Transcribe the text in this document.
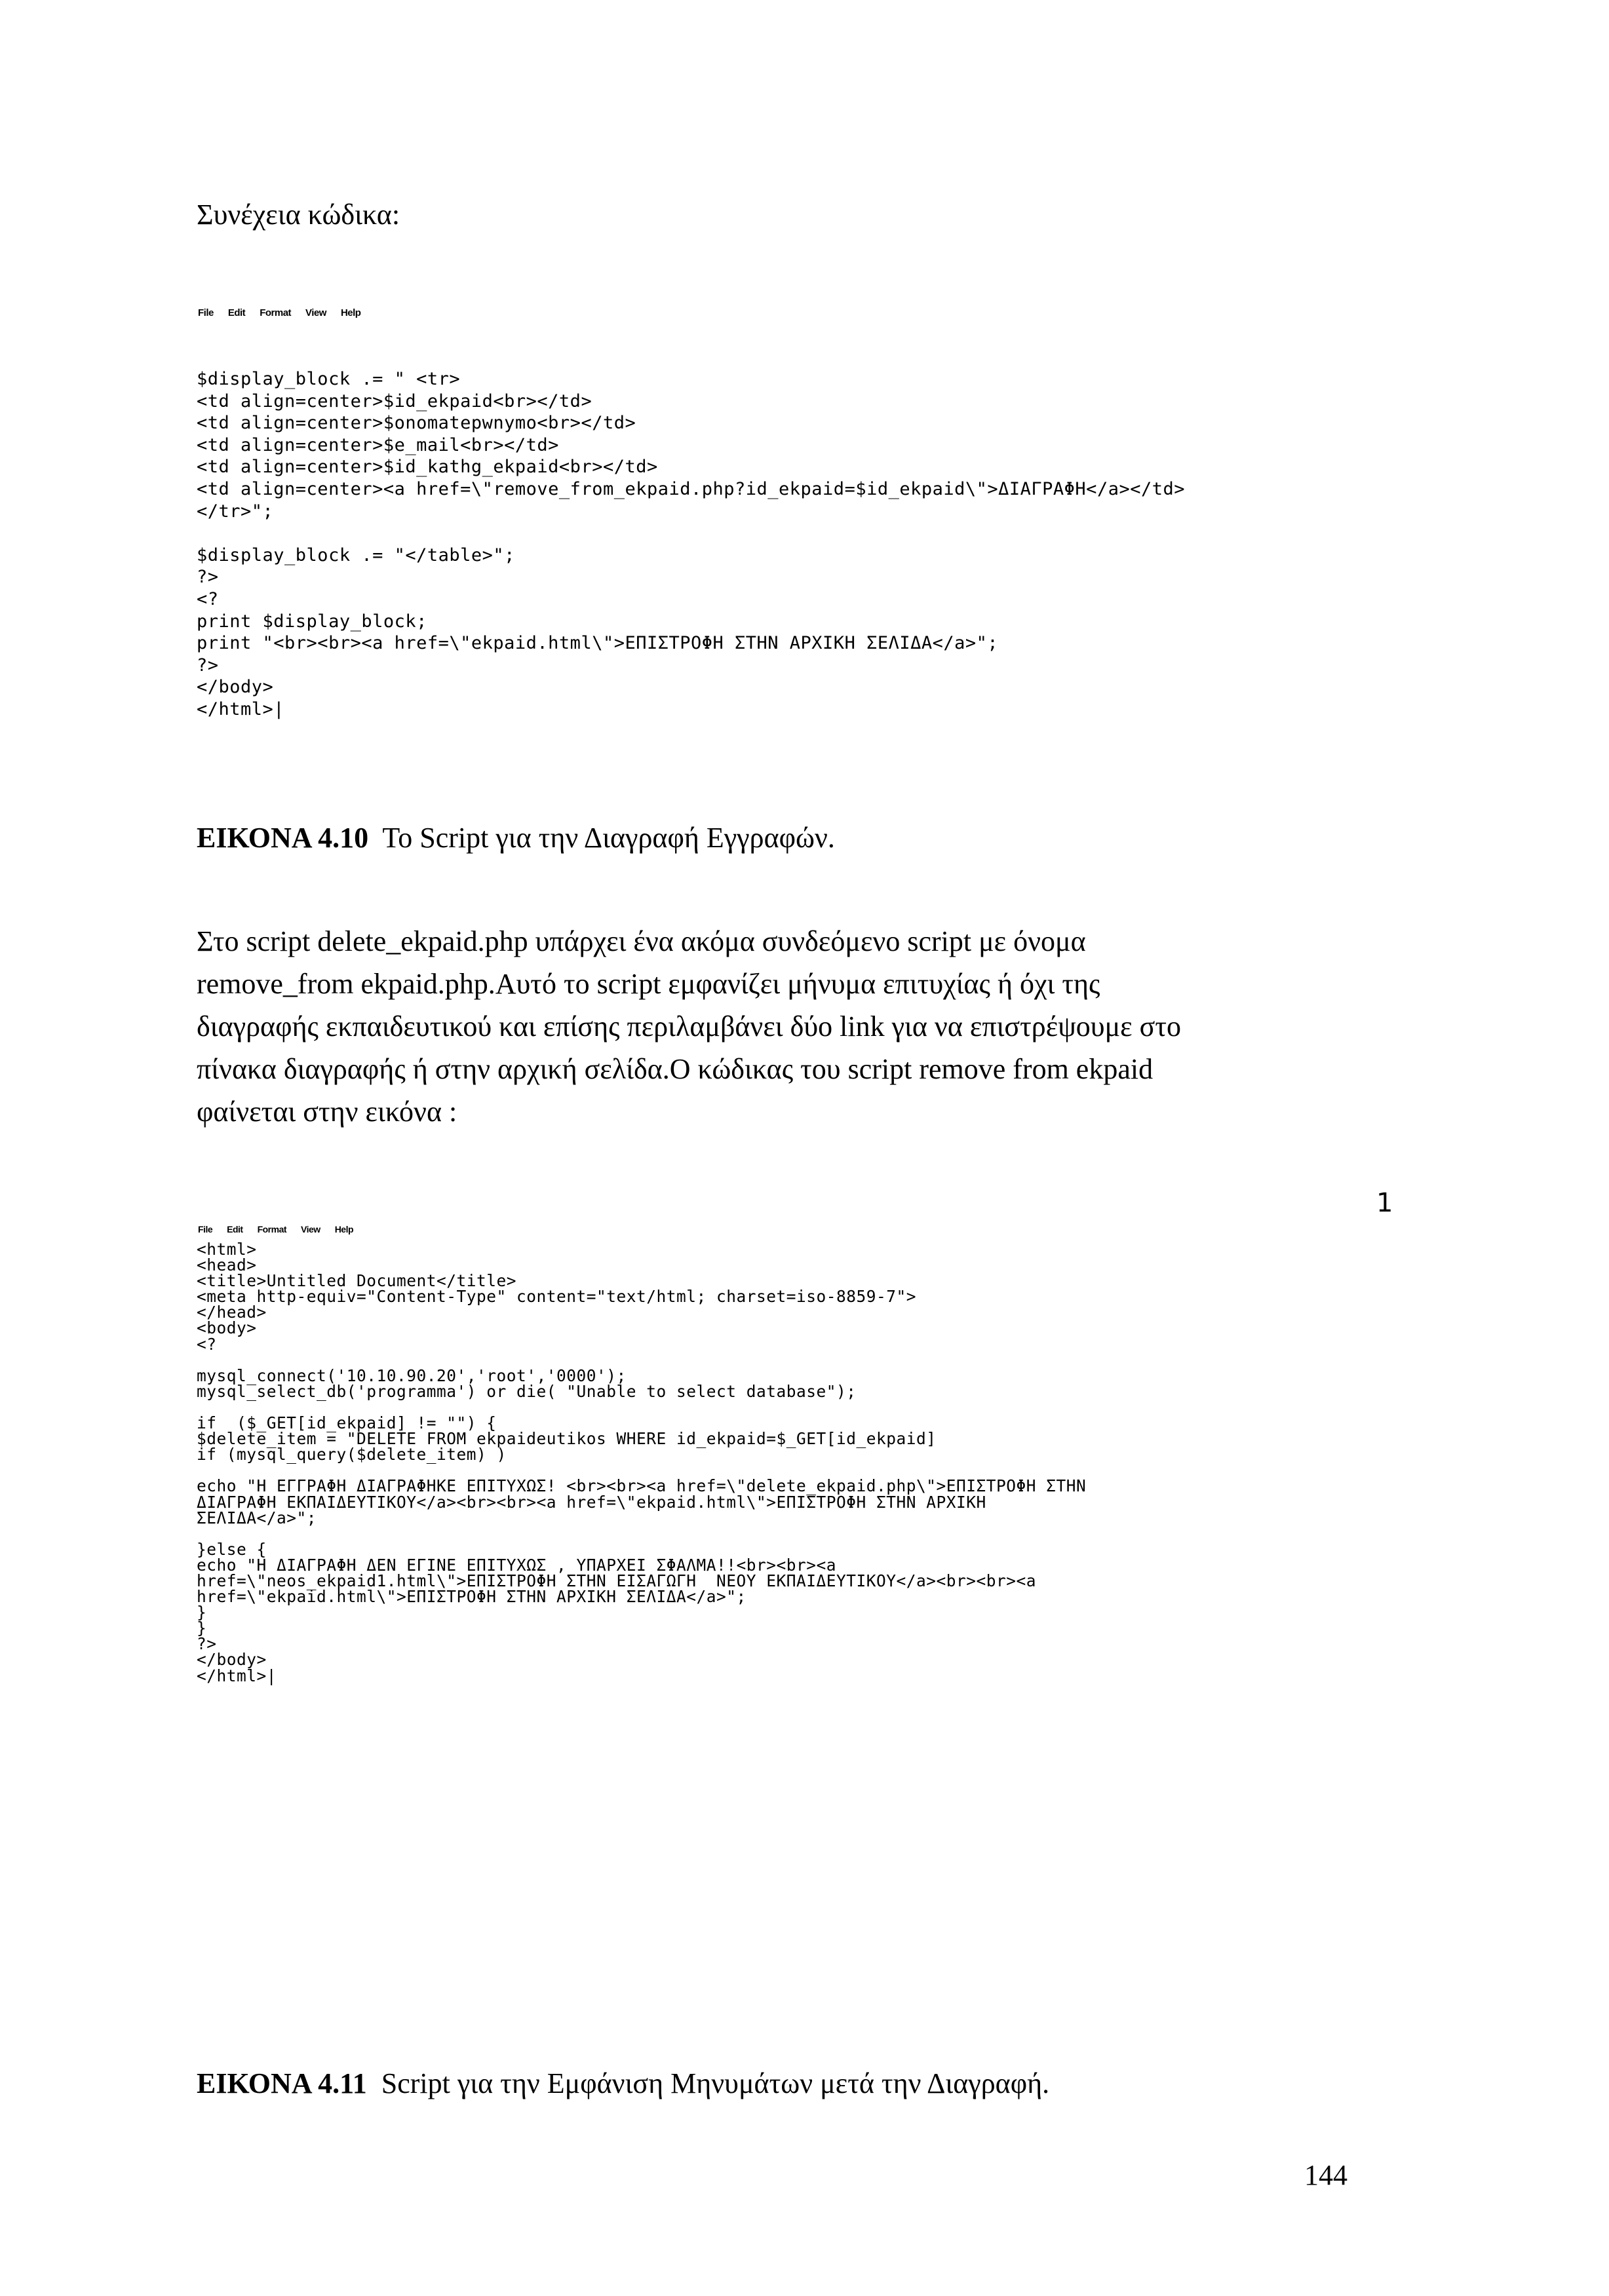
Συνέχεια κώδικα:
File Edit Format View Help
$display_block .= " <tr>
<td align=center>$id_ekpaid<br></td>
<td align=center>$onomatepwnymo<br></td>
<td align=center>$e_mail<br></td>
<td align=center>$id_kathg_ekpaid<br></td>
<td align=center><a href=\"remove_from_ekpaid.php?id_ekpaid=$id_ekpaid\">ΔΙΑΓΡΑΦΗ</a></td>
</tr>";

$display_block .= "</table>";
?>
<?
print $display_block;
print "<br><br><a href=\"ekpaid.html\">ΕΠΙΣΤΡΟΦΗ ΣΤΗΝ ΑΡΧΙΚΗ ΣΕΛΙΔΑ</a>";
?>
</body>
</html>|
ΕΙΚΟΝΑ 4.10 Το Script για την Διαγραφή Εγγραφών.
Στο script delete_ekpaid.php υπάρχει ένα ακόμα συνδεόμενο script με όνομα
remove_from ekpaid.php.Αυτό το script εμφανίζει μήνυμα επιτυχίας ή όχι της
διαγραφής εκπαιδευτικού και επίσης περιλαμβάνει δύο link για να επιστρέψουμε στο
πίνακα διαγραφής ή στην αρχική σελίδα.Ο κώδικας του script remove from ekpaid
φαίνεται στην εικόνα :
File Edit Format View Help
1
<html>
<head>
<title>Untitled Document</title>
<meta http-equiv="Content-Type" content="text/html; charset=iso-8859-7">
</head>
<body>
<?

mysql_connect('10.10.90.20','root','0000');
mysql_select_db('programma') or die( "Unable to select database");

if  ($_GET[id_ekpaid] != "") {
$delete_item = "DELETE FROM ekpaideutikos WHERE id_ekpaid=$_GET[id_ekpaid]
if (mysql_query($delete_item) )

echo "Η ΕΓΓΡΑΦΗ ΔΙΑΓΡΑΦΗΚΕ ΕΠΙΤΥΧΩΣ! <br><br><a href=\"delete_ekpaid.php\">ΕΠΙΣΤΡΟΦΗ ΣΤΗΝ
ΔΙΑΓΡΑΦΗ ΕΚΠΑΙΔΕΥΤΙΚΟΥ</a><br><br><a href=\"ekpaid.html\">ΕΠΙΣΤΡΟΦΗ ΣΤΗΝ ΑΡΧΙΚΗ
ΣΕΛΙΔΑ</a>";

}else {
echo "Η ΔΙΑΓΡΑΦΗ ΔΕΝ ΕΓΙΝΕ ΕΠΙΤΥΧΩΣ , ΥΠΑΡΧΕΙ ΣΦΑΛΜΑ!!<br><br><a
href=\"neos_ekpaid1.html\">ΕΠΙΣΤΡΟΦΗ ΣΤΗΝ ΕΙΣΑΓΩΓΗ  ΝΕΟΥ ΕΚΠΑΙΔΕΥΤΙΚΟΥ</a><br><br><a
href=\"ekpaid.html\">ΕΠΙΣΤΡΟΦΗ ΣΤΗΝ ΑΡΧΙΚΗ ΣΕΛΙΔΑ</a>";
}
}
?>
</body>
</html>|
ΕΙΚΟΝΑ 4.11 Script για την Εμφάνιση Μηνυμάτων μετά την Διαγραφή.
144
